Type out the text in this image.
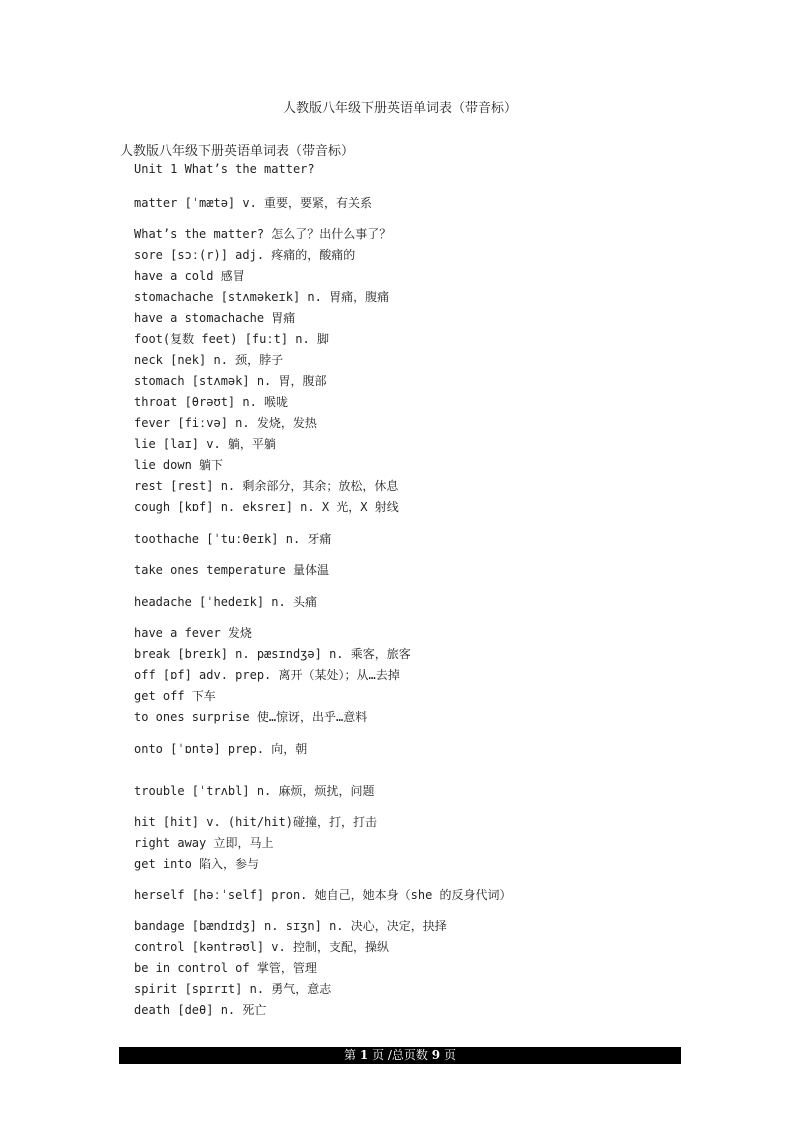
人教版八年级下册英语单词表（带音标）
人教版八年级下册英语单词表（带音标）
Unit 1 What’s the matter?
matter [ˈmætə] v. 重要，要紧，有关系
What’s the matter? 怎么了？出什么事了？
sore [sɔː(r)] adj. 疼痛的，酸痛的
have a cold 感冒
stomachache [stʌməkeɪk] n. 胃痛，腹痛
have a stomachache 胃痛
foot(复数 feet) [fuːt] n. 脚
neck [nek] n. 颈，脖子
stomach [stʌmək] n. 胃，腹部
throat [θrəʊt] n. 喉咙
fever [fiːvə] n. 发烧，发热
lie [laɪ] v. 躺，平躺
lie down 躺下
rest [rest] n. 剩余部分，其余；放松，休息
cough [kɒf] n. eksreɪ] n. X 光，X 射线
toothache [ˈtuːθeɪk] n. 牙痛
take ones temperature 量体温
headache [ˈhedeɪk] n. 头痛
have a fever 发烧
break [breɪk] n. pæsɪndʒə] n. 乘客，旅客
off [ɒf] adv. prep. 离开（某处）；从…去掉
get off 下车
to ones surprise 使…惊讶，出乎…意料
onto [ˈɒntə] prep. 向，朝
trouble [ˈtrʌbl] n. 麻烦，烦扰，问题
hit [hit] v. (hit/hit)碰撞，打，打击
right away 立即，马上
get into 陷入，参与
herself [həːˈself] pron. 她自己，她本身（she 的反身代词）
bandage [bændɪdʒ] n. sɪʒn] n. 决心，决定，抉择
control [kəntrəʊl] v. 控制，支配，操纵
be in control of 掌管，管理
spirit [spɪrɪt] n. 勇气，意志
death [deθ] n. 死亡
第 1 页 /总页数 9 页
